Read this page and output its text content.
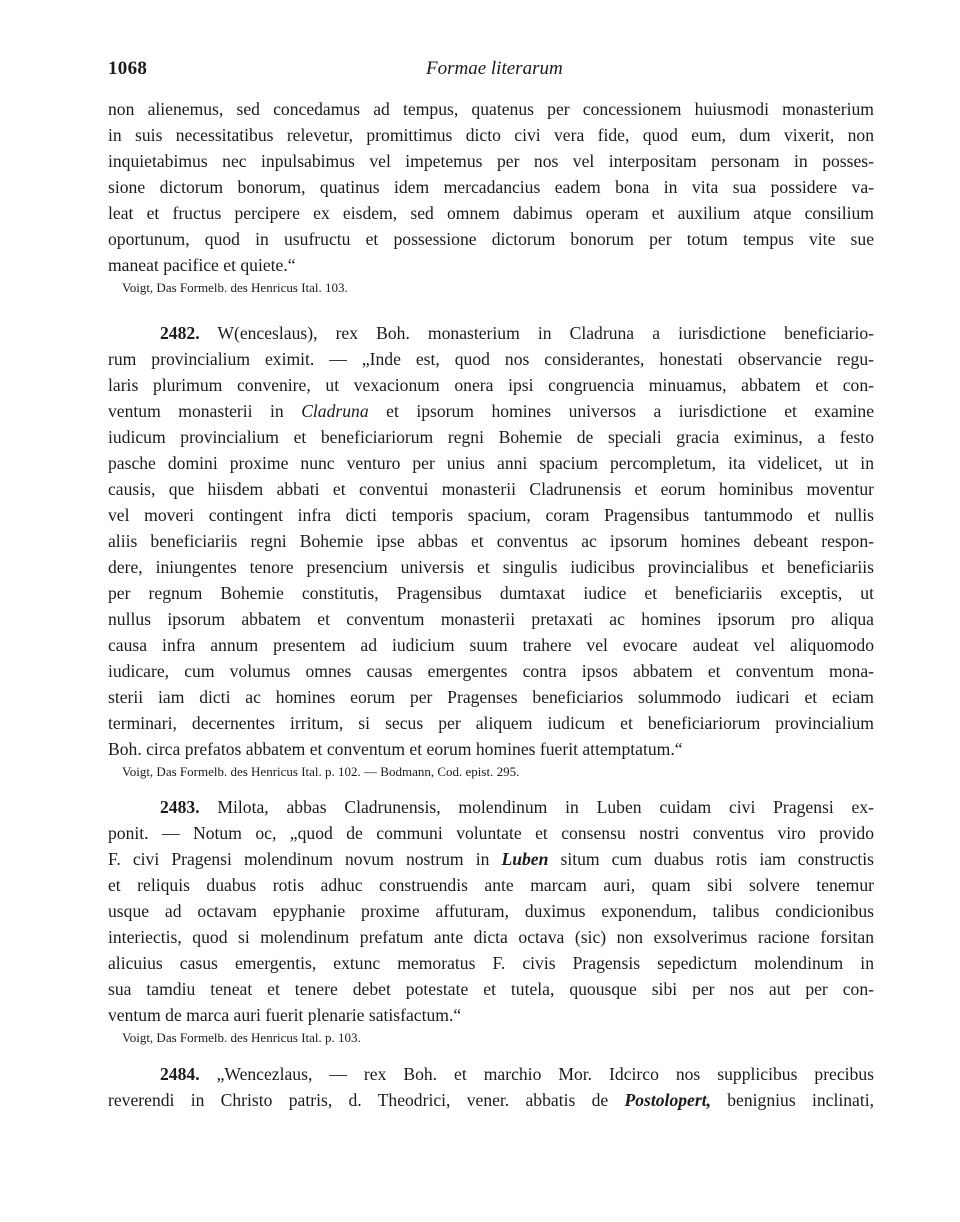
1068	Formae literarum
non alienemus, sed concedamus ad tempus, quatenus per concessionem huiusmodi monasterium
in suis necessitatibus relevetur, promittimus dicto civi vera fide, quod eum, dum vixerit, non
inquietabimus nec inpulsabimus vel impetemus per nos vel interpositam personam in posses-
sione dictorum bonorum, quatinus idem mercadancius eadem bona in vita sua possidere va-
leat et fructus percipere ex eisdem, sed omnem dabimus operam et auxilium atque consilium
oportunum, quod in usufructu et possessione dictorum bonorum per totum tempus vite sue
maneat pacifice et quiete.“
Voigt, Das Formelb. des Henricus Ital. 103.
2482. W(enceslaus), rex Boh. monasterium in Cladruna a iurisdictione beneficiario-
rum provincialium eximit. — „Inde est, quod nos considerantes, honestati observancie regu-
laris plurimum convenire, ut vexacionum onera ipsi congruencia minuamus, abbatem et con-
ventum monasterii in Cladruna et ipsorum homines universos a iurisdictione et examine
iudicum provincialium et beneficiariorum regni Bohemie de speciali gracia eximinus, a festo
pasche domini proxime nunc venturo per unius anni spacium percompletum, ita videlicet, ut in
causis, que hiisdem abbati et conventui monasterii Cladrunensis et eorum hominibus moventur
vel moveri contingent infra dicti temporis spacium, coram Pragensibus tantummodo et nullis
aliis beneficiariis regni Bohemie ipse abbas et conventus ac ipsorum homines debeant respon-
dere, iniungentes tenore presencium universis et singulis iudicibus provincialibus et beneficiariis
per regnum Bohemie constitutis, Pragensibus dumtaxat iudice et beneficiariis exceptis, ut
nullus ipsorum abbatem et conventum monasterii pretaxati ac homines ipsorum pro aliqua
causa infra annum presentem ad iudicium suum trahere vel evocare audeat vel aliquomodo
iudicare, cum volumus omnes causas emergentes contra ipsos abbatem et conventum mona-
sterii iam dicti ac homines eorum per Pragenses beneficiarios solummodo iudicari et eciam
terminari, decernentes irritum, si secus per aliquem iudicum et beneficiariorum provincialium
Boh. circa prefatos abbatem et conventum et eorum homines fuerit attemptatum.“
Voigt, Das Formelb. des Henricus Ital. p. 102. — Bodmann, Cod. epist. 295.
2483. Milota, abbas Cladrunensis, molendinum in Luben cuidam civi Pragensi ex-
ponit. — Notum oc, „quod de communi voluntate et consensu nostri conventus viro provido
F. civi Pragensi molendinum novum nostrum in Luben situm cum duabus rotis iam constructis
et reliquis duabus rotis adhuc construendis ante marcam auri, quam sibi solvere tenemur
usque ad octavam epyphanie proxime affuturam, duximus exponendum, talibus condicionibus
interiectis, quod si molendinum prefatum ante dicta octava (sic) non exsolverimus racione forsitan
alicuius casus emergentis, extunc memoratus F. civis Pragensis sepedictum molendinum in
sua tamdiu teneat et tenere debet potestate et tutela, quousque sibi per nos aut per con-
ventum de marca auri fuerit plenarie satisfactum.“
Voigt, Das Formelb. des Henricus Ital. p. 103.
2484. „Wencezlaus, — rex Boh. et marchio Mor. Idcirco nos supplicibus precibus
reverendi in Christo patris, d. Theodrici, vener. abbatis de Postolopert, benignius inclinati,
